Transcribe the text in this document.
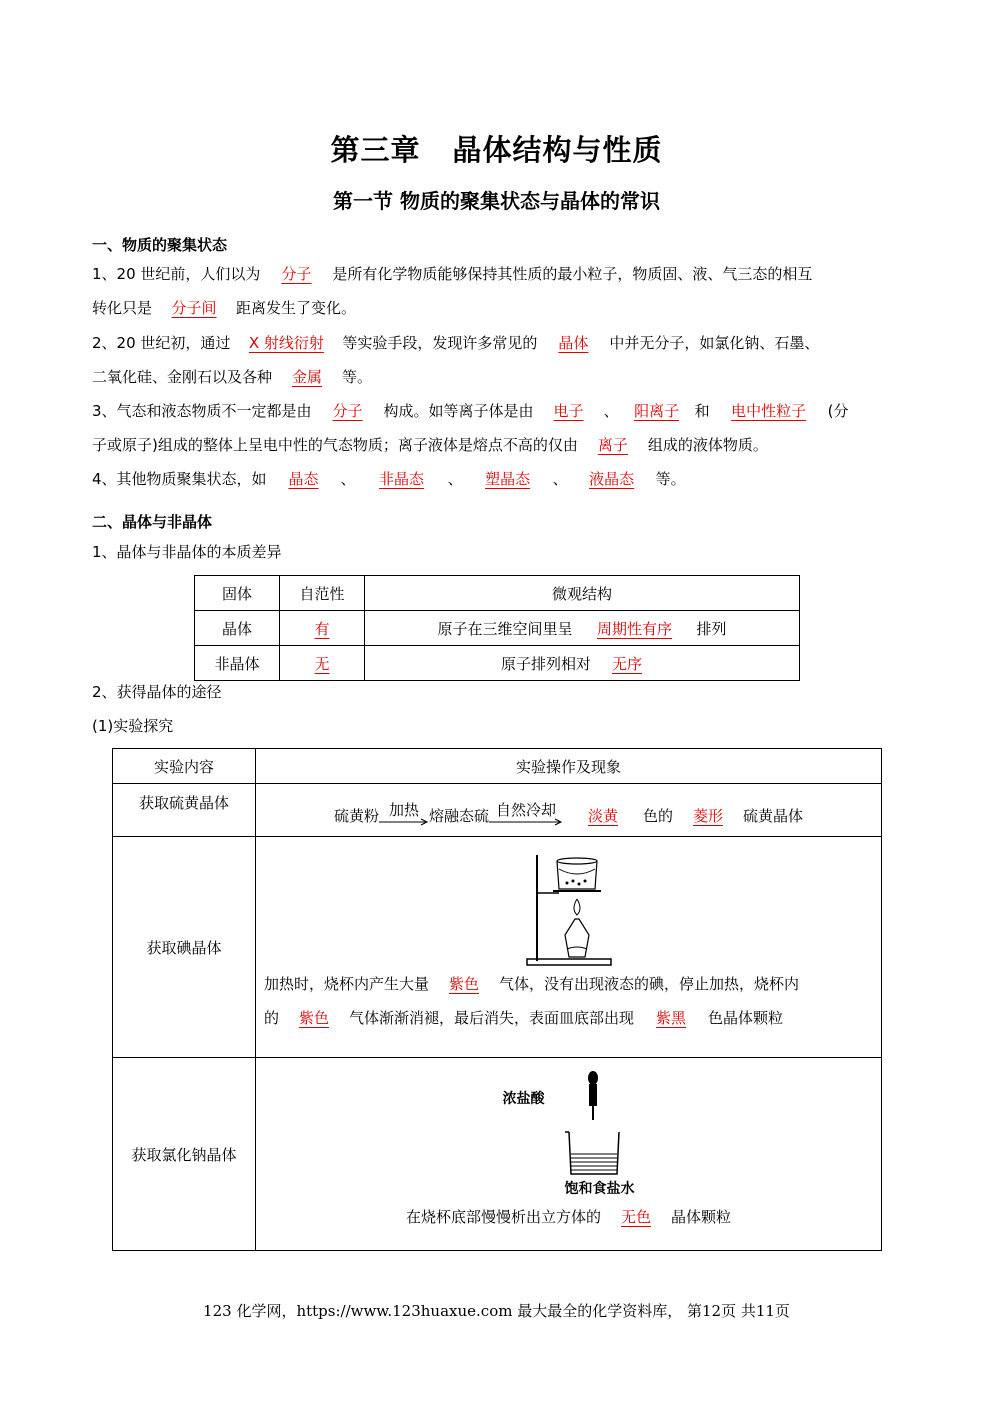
第三章 晶体结构与性质
第一节 物质的聚集状态与晶体的常识
一、物质的聚集状态
1、20 世纪前，人们以为 分子 是所有化学物质能够保持其性质的最小粒子，物质固、液、气三态的相互
转化只是 分子间 距离发生了变化。
2、20 世纪初，通过 X 射线衍射 等实验手段，发现许多常见的 晶体 中并无分子，如氯化钠、石墨、
二氧化硅、金刚石以及各种 金属 等。
3、气态和液态物质不一定都是由 分子 构成。如等离子体是由 电子 、 阳离子 和 电中性粒子 (分
子或原子)组成的整体上呈电中性的气态物质；离子液体是熔点不高的仅由 离子 组成的液体物质。
4、其他物质聚集状态，如 晶态 、 非晶态 、 塑晶态 、 液晶态 等。
二、晶体与非晶体
1、晶体与非晶体的本质差异
固体	自范性	微观结构
晶体	有	原子在三维空间里呈 周期性有序 排列
非晶体	无	原子排列相对 无序
2、获得晶体的途径
(1)实验探究
实验内容	实验操作及现象
获取硫黄晶体	硫黄粉 加热 熔融态硫 自然冷却 淡黄 色的 菱形 硫黄晶体
获取碘晶体	加热时，烧杯内产生大量 紫色 气体，没有出现液态的碘，停止加热，烧杯内
的 紫色 气体渐渐消褪，最后消失，表面皿底部出现 紫黑 色晶体颗粒

获取氯化钠晶体	浓盐酸
饱和食盐水
在烧杯底部慢慢析出立方体的 无色 晶体颗粒
123 化学网，https://www.123huaxue.com 最大最全的化学资料库， 第12页 共11页
